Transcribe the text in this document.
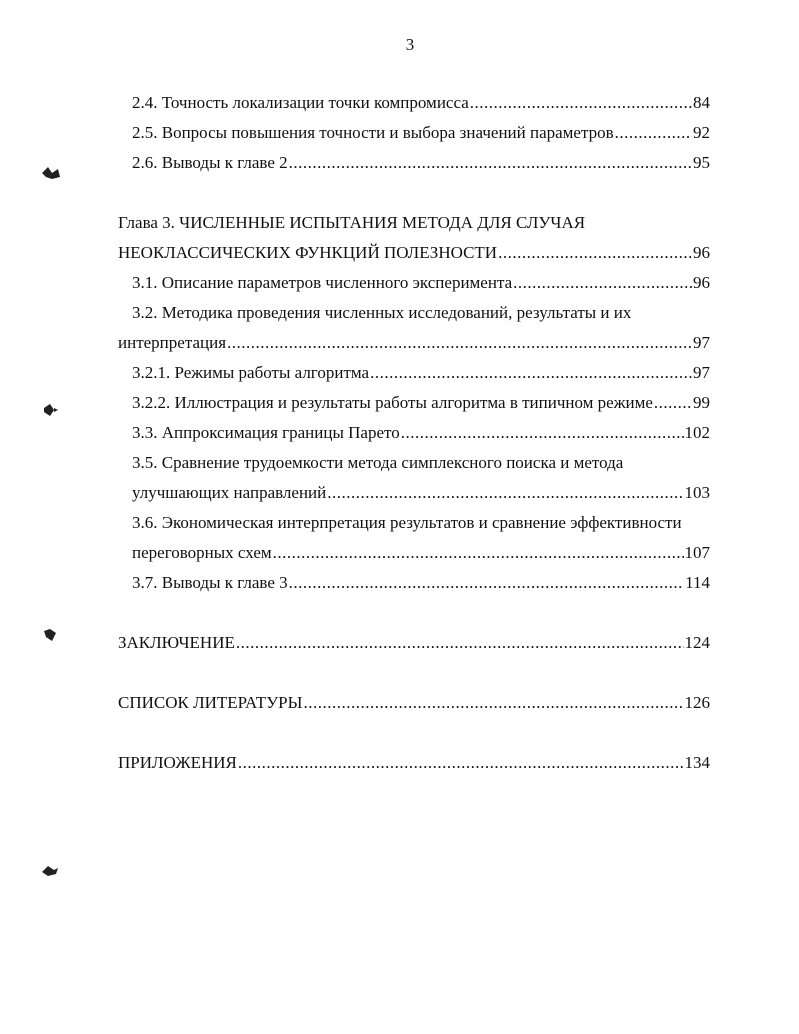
3
2.4. Точность локализации точки компромисса .....	84
2.5. Вопросы повышения точности и выбора значений параметров .....	92
2.6. Выводы к главе 2 .....	95
Глава 3. ЧИСЛЕННЫЕ ИСПЫТАНИЯ МЕТОДА ДЛЯ СЛУЧАЯ
НЕОКЛАССИЧЕСКИХ ФУНКЦИЙ ПОЛЕЗНОСТИ .....	96
3.1. Описание параметров численного эксперимента .....	96
3.2. Методика проведения численных исследований, результаты и их
интерпретация .....	97
3.2.1. Режимы работы алгоритма .....	97
3.2.2. Иллюстрация и результаты работы алгоритма в типичном режиме ..... 99
3.3. Аппроксимация границы Парето .....	102
3.5. Сравнение трудоемкости метода симплексного поиска и метода
улучшающих направлений .....	103
3.6. Экономическая интерпретация результатов и сравнение эффективности
переговорных схем .....	107
3.7. Выводы к главе 3 .....	114
ЗАКЛЮЧЕНИЕ .....	124
СПИСОК ЛИТЕРАТУРЫ .....	126
ПРИЛОЖЕНИЯ .....	134
